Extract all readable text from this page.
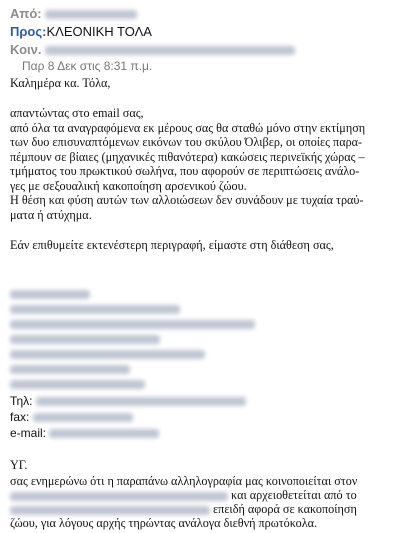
Από:
Προς:ΚΛΕΟΝΙΚΗ ΤΟΛΑ
Κοιν.
Παρ 8 Δεκ στις 8:31 π.μ.
Καλημέρα κα. Τόλα,

απαντώντας στο email σας,

από όλα τα αναγραφόμενα εκ μέρους σας θα σταθώ μόνο στην εκτίμηση

των δυο επισυναπτόμενων εικόνων του σκύλου Όλιβερ, οι οποίες παρα-

πέμπουν σε βίαιες (μηχανικές πιθανότερα) κακώσεις περινεϊκής χώρας –

τμήματος του πρωκτικού σωλήνα, που αφορούν σε περιπτώσεις ανάλο-

γες με σεξουαλική κακοποίηση αρσενικού ζώου.

Η θέση και φύση αυτών των αλλοιώσεων δεν συνάδουν με τυχαία τραύ-

ματα ή ατύχημα.

Εάν επιθυμείτε εκτενέστερη περιγραφή, είμαστε στη διάθεση σας,
Τηλ:
fax:
e-mail:
ΥΓ.
σας ενημερώνω ότι η παραπάνω αλληλογραφία μας κοινοποιείται στον
και αρχειοθετείται από το
επειδή αφορά σε κακοποίηση
ζώου, για λόγους αρχής τηρώντας ανάλογα διεθνή πρωτόκολα.
